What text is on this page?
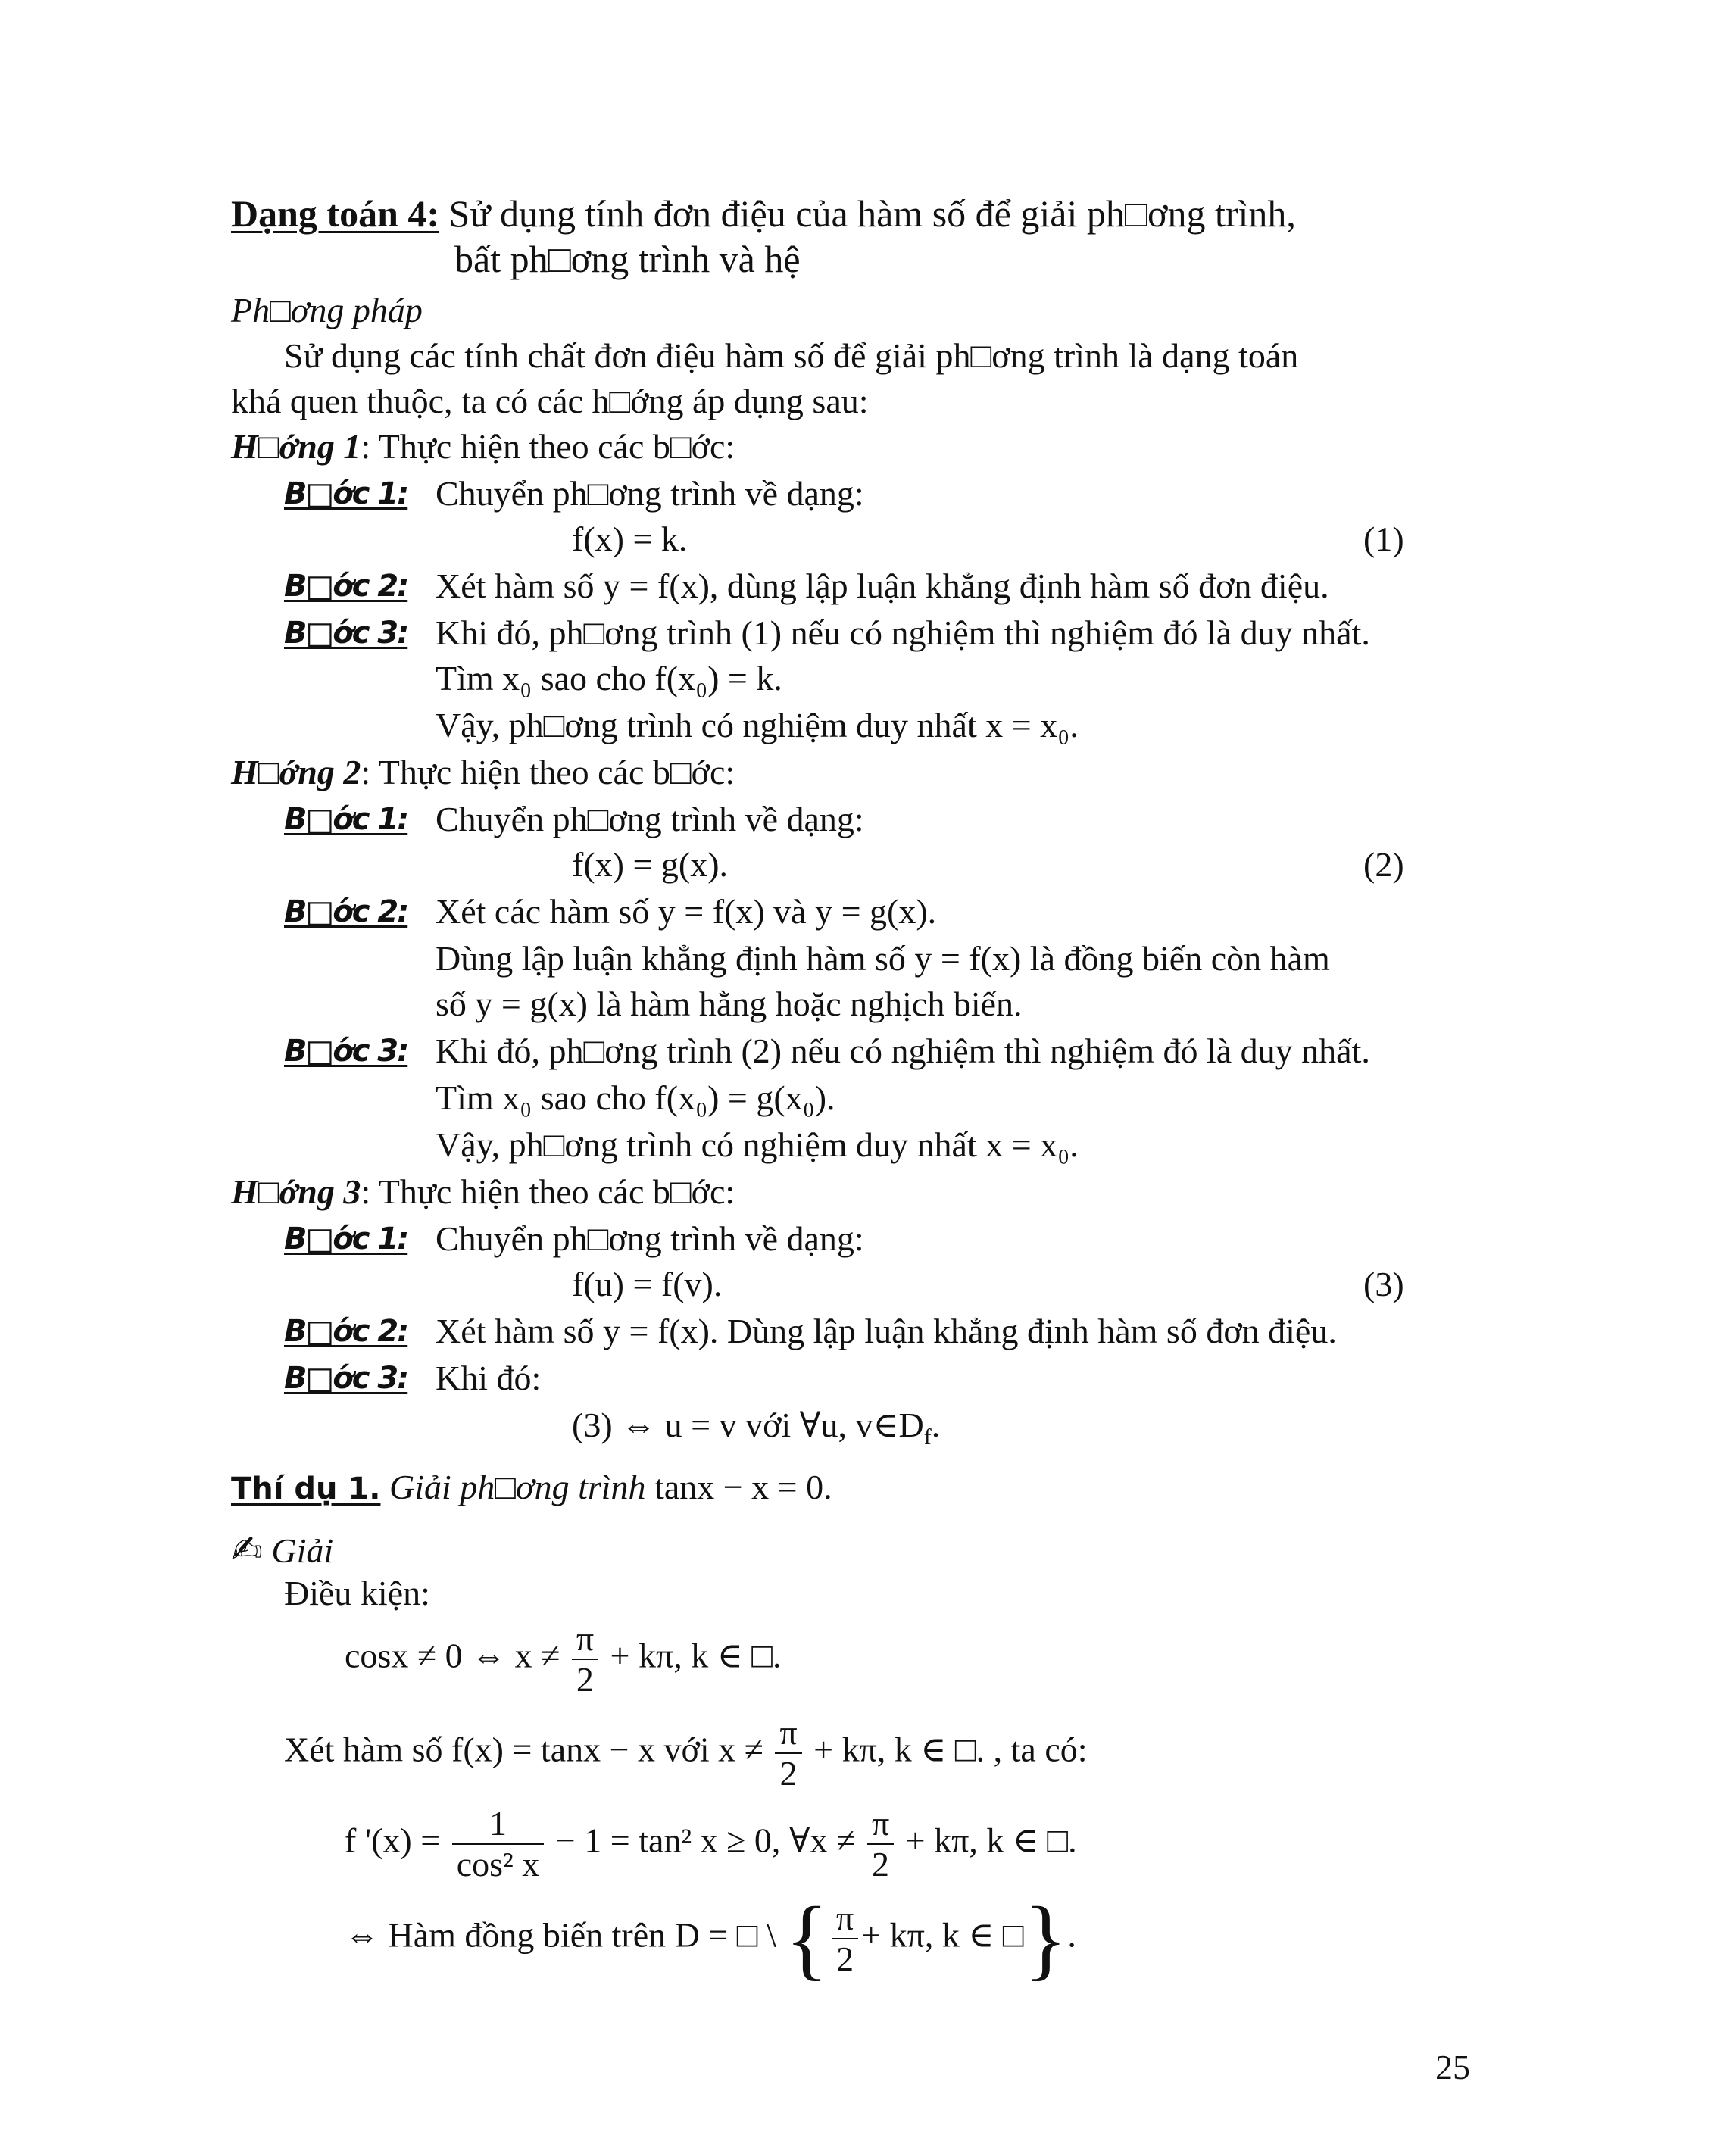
Dạng toán 4: Sử dụng tính đơn điệu của hàm số để giải ph□ơng trình,
bất ph□ơng trình và hệ
Ph□ơng pháp
Sử dụng các tính chất đơn điệu hàm số để giải ph□ơng trình là dạng toán
khá quen thuộc, ta có các h□ớng áp dụng sau:
H□ớng 1: Thực hiện theo các b□ớc:
B□ớc 1: Chuyển ph□ơng trình về dạng:
f(x) = k.	(1)
B□ớc 2: Xét hàm số y = f(x), dùng lập luận khẳng định hàm số đơn điệu.
B□ớc 3: Khi đó, ph□ơng trình (1) nếu có nghiệm thì nghiệm đó là duy nhất.
Tìm x₀ sao cho f(x₀) = k.
Vậy, ph□ơng trình có nghiệm duy nhất x = x₀.
H□ớng 2: Thực hiện theo các b□ớc:
B□ớc 1: Chuyển ph□ơng trình về dạng:
f(x) = g(x).	(2)
B□ớc 2: Xét các hàm số y = f(x) và y = g(x).
Dùng lập luận khẳng định hàm số y = f(x) là đồng biến còn hàm
số y = g(x) là hàm hằng hoặc nghịch biến.
B□ớc 3: Khi đó, ph□ơng trình (2) nếu có nghiệm thì nghiệm đó là duy nhất.
Tìm x₀ sao cho f(x₀) = g(x₀).
Vậy, ph□ơng trình có nghiệm duy nhất x = x₀.
H□ớng 3: Thực hiện theo các b□ớc:
B□ớc 1: Chuyển ph□ơng trình về dạng:
f(u) = f(v).	(3)
B□ớc 2: Xét hàm số y = f(x). Dùng lập luận khẳng định hàm số đơn điệu.
B□ớc 3: Khi đó:
(3) ⇔ u = v với ∀u, $v\in D_f$.
Thí dụ 1. Giải ph□ơng trình tanx − x = 0.
✍ Giải
Điều kiện:
cosx ≠ 0 ⇔ $x \ne \frac{\pi}{2} + k\pi$, k ∈ □.
Xét hàm số f(x) = tanx − x với $x \ne \frac{\pi}{2} + k\pi$, k ∈ □. , ta có:
f '$(x) = \frac{1}{\text{cos² x}} - 1 = \tan^2$ x ≥ 0, ∀x ≠ $\frac{\pi}{2} + k\pi$, k ∈ □.
⇔ Hàm đồng biến trên D = □ \ { $\frac{\pi}{2} + k\pi$, k ∈ □}.
25
